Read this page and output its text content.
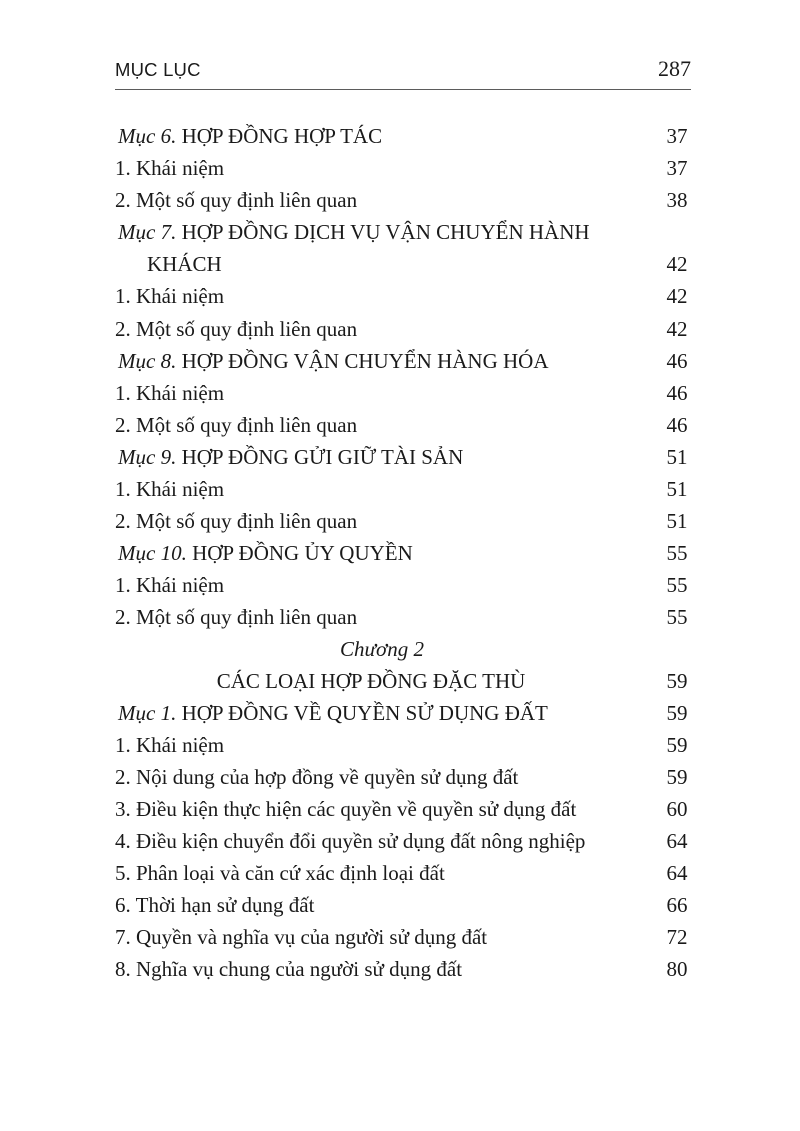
MỤC LỤC	287
Mục 6. HỢP ĐỒNG HỢP TÁC	37
1. Khái niệm	37
2. Một số quy định liên quan	38
Mục 7. HỢP ĐỒNG DỊCH VỤ VẬN CHUYỂN HÀNH
KHÁCH	42
1. Khái niệm	42
2. Một số quy định liên quan	42
Mục 8. HỢP ĐỒNG VẬN CHUYỂN HÀNG HÓA	46
1. Khái niệm	46
2. Một số quy định liên quan	46
Mục 9. HỢP ĐỒNG GỬI GIỮ TÀI SẢN	51
1. Khái niệm	51
2. Một số quy định liên quan	51
Mục 10. HỢP ĐỒNG ỦY QUYỀN	55
1. Khái niệm	55
2. Một số quy định liên quan	55
Chương 2
CÁC LOẠI HỢP ĐỒNG ĐẶC THÙ	59
Mục 1. HỢP ĐỒNG VỀ QUYỀN SỬ DỤNG ĐẤT	59
1. Khái niệm	59
2. Nội dung của hợp đồng về quyền sử dụng đất	59
3. Điều kiện thực hiện các quyền về quyền sử dụng đất	60
4. Điều kiện chuyển đổi quyền sử dụng đất nông nghiệp	64
5. Phân loại và căn cứ xác định loại đất	64
6. Thời hạn sử dụng đất	66
7. Quyền và nghĩa vụ của người sử dụng đất	72
8. Nghĩa vụ chung của người sử dụng đất	80
